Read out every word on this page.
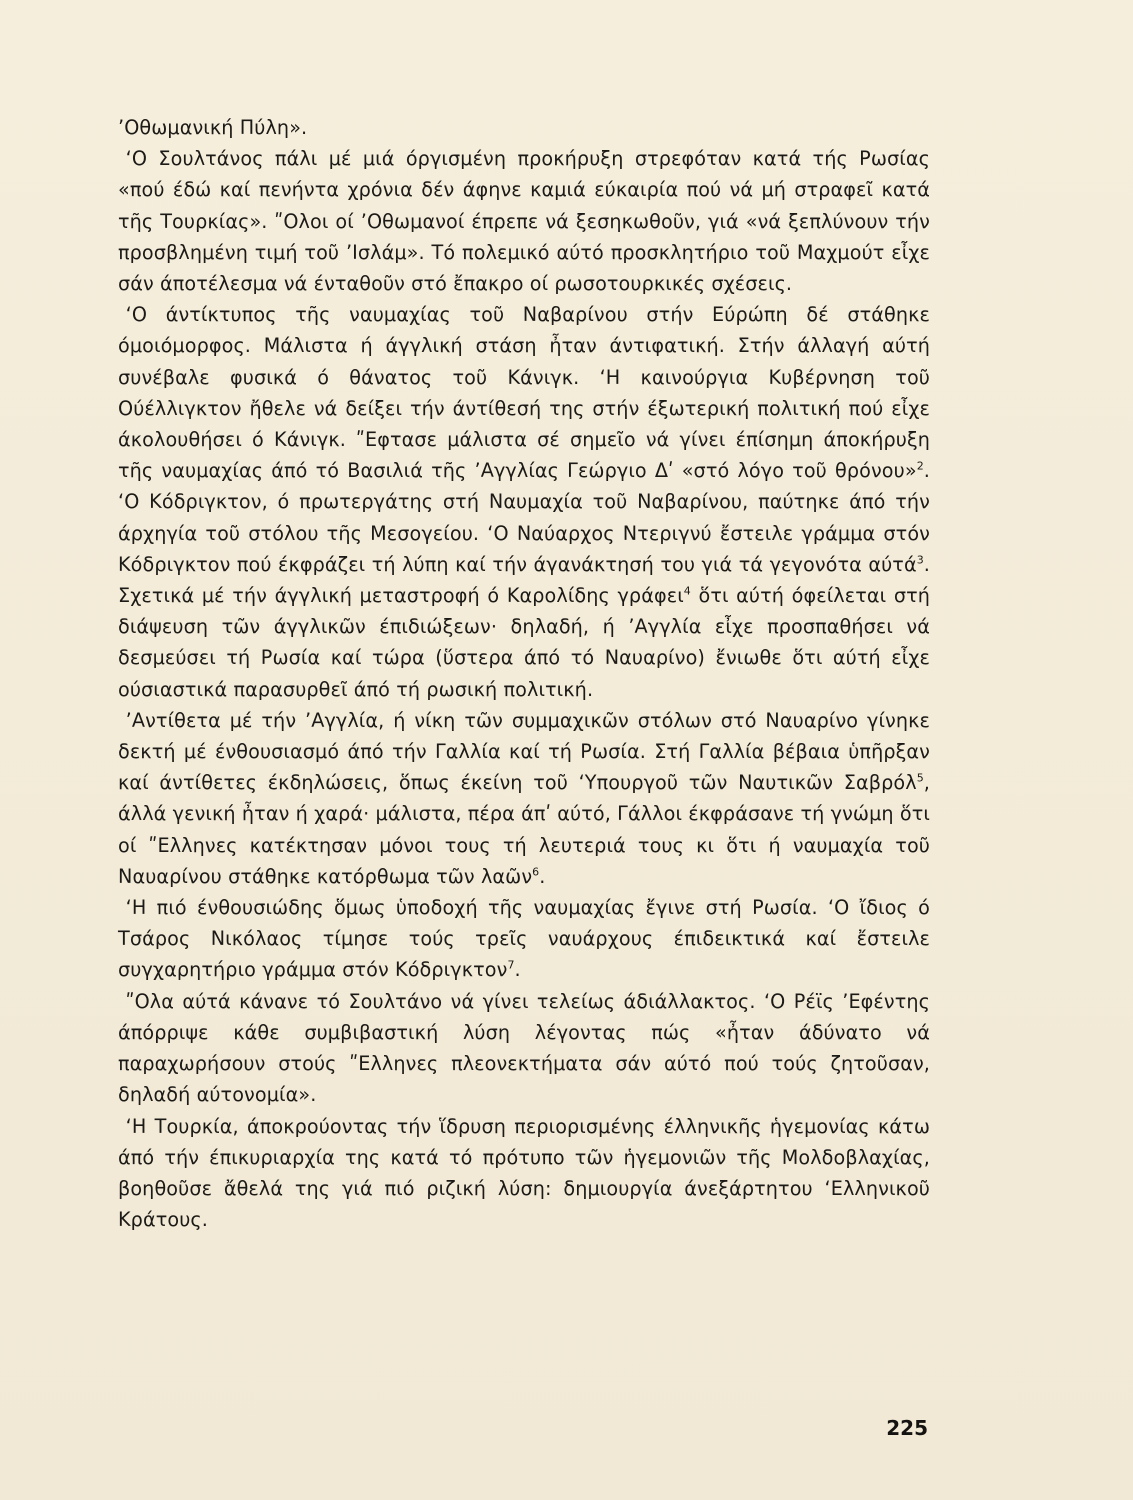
’Οθωμανική Πύλη».

‘Ο Σουλτάνος πάλι μέ μιά όργισμένη προκήρυξη στρεφόταν κατά τής Ρωσίας «πού έδώ καί πενήντα χρόνια δέν άφηνε καμιά εύκαιρία πού νά μή στραφεῖ κατά τῆς Τουρκίας». ʺΟλοι οί ’Οθωμανοί έπρεπε νά ξεσηκωθοῦν, γιά «νά ξεπλύνουν τήν προσβλημένη τιμή τοῦ ’Ισλάμ». Τό πολεμικό αύτό προσκλητήριο τοῦ Μαχμούτ εἶχε σάν άποτέλεσμα νά ένταθοῦν στό ἔπακρο οί ρωσοτουρκικές σχέσεις.

‘Ο άντίκτυπος τῆς ναυμαχίας τοῦ Ναβαρίνου στήν Εύρώπη δέ στάθηκε όμοιόμορφος. Μάλιστα ή άγγλική στάση ἦταν άντιφατική. Στήν άλλαγή αύτή συνέβαλε φυσικά ό θάνατος τοῦ Κάνιγκ. ‘Η καινούργια Κυβέρνηση τοῦ Ούέλλιγκτον ἤθελε νά δείξει τήν άντίθεσή της στήν έξωτερική πολιτική πού εἶχε άκολουθήσει ό Κάνιγκ. ʺΕφτασε μάλιστα σέ σημεῖο νά γίνει έπίσημη άποκήρυξη τῆς ναυμαχίας άπό τό Βασιλιά τῆς ’Αγγλίας Γεώργιο Δʹ «στό λόγο τοῦ θρόνου»$^2$. ‘Ο Κόδριγκτον, ό πρωτεργάτης στή Ναυμαχία τοῦ Ναβαρίνου, παύτηκε άπό τήν άρχηγία τοῦ στόλου τῆς Μεσογείου. ‘Ο Ναύαρχος Ντεριγνύ ἔστειλε γράμμα στόν Κόδριγκτον πού έκφράζει τή λύπη καί τήν άγανάκτησή του γιά τά γεγονότα αύτά$^3$. Σχετικά μέ τήν άγγλική μεταστροφή ό Καρολίδης γράφει$^4$ ὅτι αύτή όφείλεται στή διάψευση τῶν άγγλικῶν έπιδιώξεων· δηλαδή, ή ’Αγγλία εἶχε προσπαθήσει νά δεσμεύσει τή Ρωσία καί τώρα (ὕστερα άπό τό Ναυαρίνο) ἔνιωθε ὅτι αύτή εἶχε ούσιαστικά παρασυρθεῖ άπό τή ρωσική πολιτική.

’Αντίθετα μέ τήν ’Αγγλία, ή νίκη τῶν συμμαχικῶν στόλων στό Ναυαρίνο γίνηκε δεκτή μέ ένθουσιασμό άπό τήν Γαλλία καί τή Ρωσία. Στή Γαλλία βέβαια ὑπῆρξαν καί άντίθετες έκδηλώσεις, ὅπως έκείνη τοῦ ‘Υπουργοῦ τῶν Ναυτικῶν Σαβρόλ$^5$, άλλά γενική ἦταν ή χαρά· μάλιστα, πέρα άπʹ αύτό, Γάλλοι έκφράσανε τή γνώμη ὅτι οί ʺΕλληνες κατέκτησαν μόνοι τους τή λευτεριά τους κι ὅτι ή ναυμαχία τοῦ Ναυαρίνου στάθηκε κατόρθωμα τῶν λαῶν$^6$.

‘Η πιό ένθουσιώδης ὅμως ὑποδοχή τῆς ναυμαχίας ἔγινε στή Ρωσία. ‘Ο ἴδιος ό Τσάρος Νικόλαος τίμησε τούς τρεῖς ναυάρχους έπιδεικτικά καί ἔστειλε συγχαρητήριο γράμμα στόν Κόδριγκτον$^7$.

ʺΟλα αύτά κάνανε τό Σουλτάνο νά γίνει τελείως άδιάλλακτος. ‘Ο Ρέϊς ’Εφέντης άπόρριψε κάθε συμβιβαστική λύση λέγοντας πώς «ἦταν άδύνατο νά παραχωρήσουν στούς ʺΕλληνες πλεονεκτήματα σάν αύτό πού τούς ζητοῦσαν, δηλαδή αύτονομία».

‘Η Τουρκία, άποκρούοντας τήν ἵδρυση περιορισμένης έλληνικῆς ἡγεμονίας κάτω άπό τήν έπικυριαρχία της κατά τό πρότυπο τῶν ἡγεμονιῶν τῆς Μολδοβλαχίας, βοηθοῦσε ἄθελά της γιά πιό ριζική λύση: δημιουργία άνεξάρτητου ‘Ελληνικοῦ Κράτους.

225
